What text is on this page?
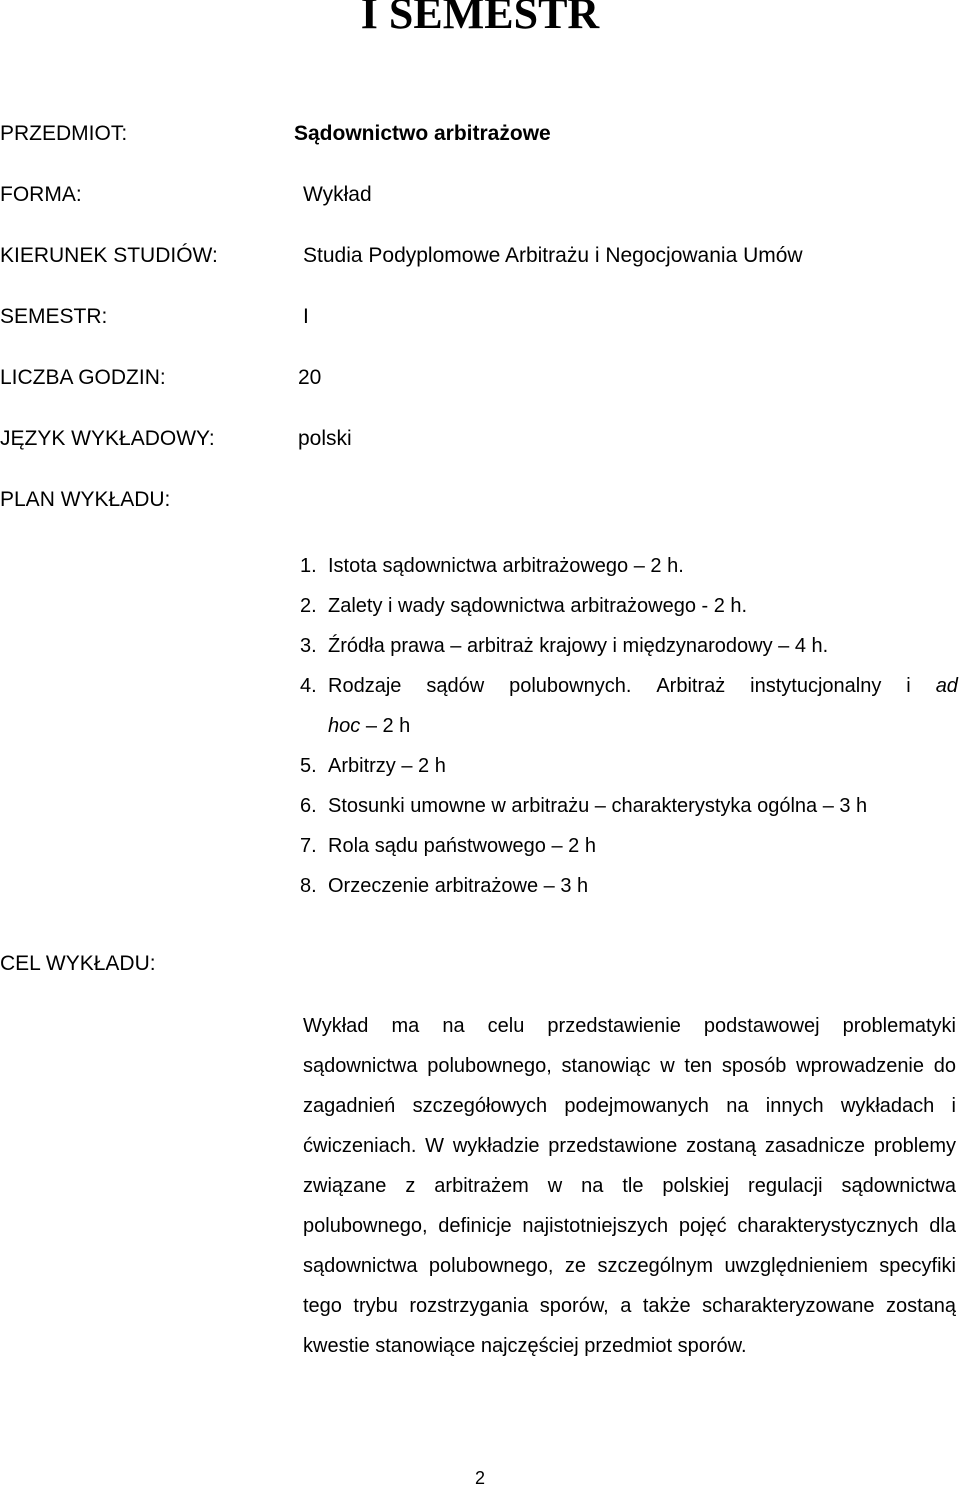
I SEMESTR
PRZEDMIOT:	Sądownictwo arbitrażowe
FORMA:	Wykład
KIERUNEK STUDIÓW:	Studia Podyplomowe Arbitrażu i Negocjowania Umów
SEMESTR:	I
LICZBA GODZIN:	20
JĘZYK WYKŁADOWY:	polski
PLAN WYKŁADU:
1. Istota sądownictwa arbitrażowego – 2 h.
2. Zalety i wady sądownictwa arbitrażowego - 2 h.
3. Źródła prawa – arbitraż krajowy i międzynarodowy – 4 h.
4. Rodzaje sądów polubownych. Arbitraż instytucjonalny i ad
hoc – 2 h
5. Arbitrzy – 2 h
6. Stosunki umowne w arbitrażu – charakterystyka ogólna – 3 h
7. Rola sądu państwowego – 2 h
8. Orzeczenie arbitrażowe – 3 h
CEL WYKŁADU:

Wykład ma na celu przedstawienie podstawowej problematyki sądownictwa polubownego, stanowiąc w ten sposób wprowadzenie do zagadnień szczegółowych podejmowanych na innych wykładach i ćwiczeniach. W wykładzie przedstawione zostaną zasadnicze problemy związane z arbitrażem w na tle polskiej regulacji sądownictwa polubownego, definicje najistotniejszych pojęć charakterystycznych dla sądownictwa polubownego, ze szczególnym uwzględnieniem specyfiki tego trybu rozstrzygania sporów, a także scharakteryzowane zostaną kwestie stanowiące najczęściej przedmiot sporów.

2
